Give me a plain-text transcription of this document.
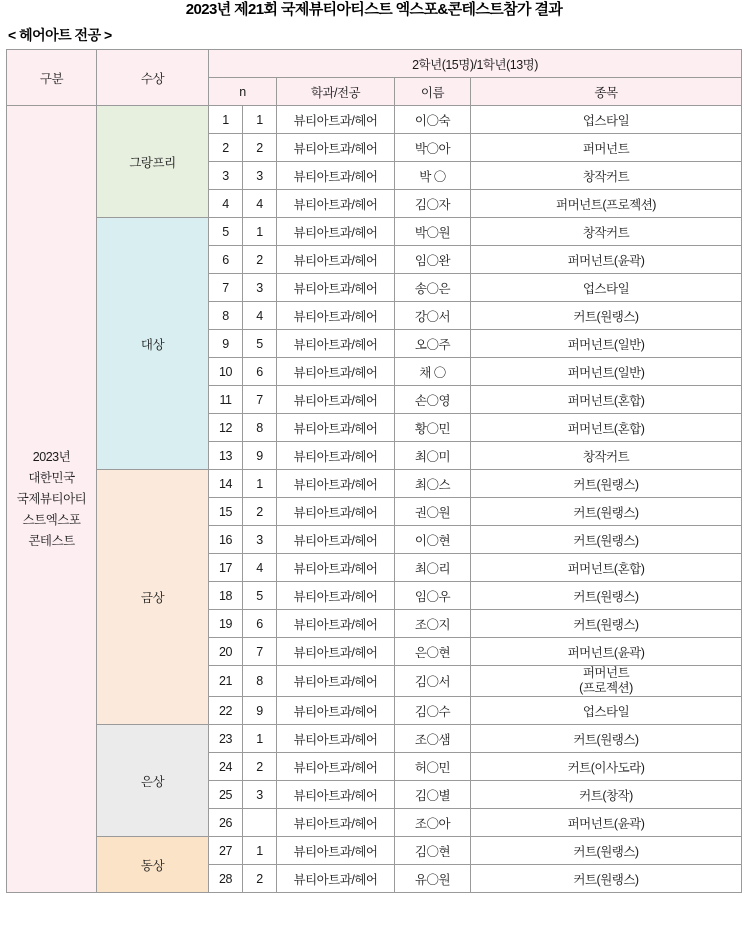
2023년 제21회 국제뷰티아티스트 엑스포&콘테스트참가 결과
< 헤어아트 전공 >
구분	수상	2학년(15명)/1학년(13명)				
		n		학과/전공	이름	종목
2023년
대한민국
국제뷰티아티
스트엑스포
콘테스트	그랑프리	1	1	뷰티아트과/헤어	이〇숙	업스타일
		2	2	뷰티아트과/헤어	박〇아	퍼머넌트
		3	3	뷰티아트과/헤어	박 〇	창작커트
		4	4	뷰티아트과/헤어	김〇자	퍼머넌트(프로젝션)
	대상	5	1	뷰티아트과/헤어	박〇원	창작커트
		6	2	뷰티아트과/헤어	임〇완	퍼머넌트(윤곽)
		7	3	뷰티아트과/헤어	송〇은	업스타일
		8	4	뷰티아트과/헤어	강〇서	커트(원랭스)
		9	5	뷰티아트과/헤어	오〇주	퍼머넌트(일반)
		10	6	뷰티아트과/헤어	채 〇	퍼머넌트(일반)
		11	7	뷰티아트과/헤어	손〇영	퍼머넌트(혼합)
		12	8	뷰티아트과/헤어	황〇민	퍼머넌트(혼합)
		13	9	뷰티아트과/헤어	최〇미	창작커트
	금상	14	1	뷰티아트과/헤어	최〇스	커트(원랭스)
		15	2	뷰티아트과/헤어	권〇원	커트(원랭스)
		16	3	뷰티아트과/헤어	이〇현	커트(원랭스)
		17	4	뷰티아트과/헤어	최〇리	퍼머넌트(혼합)
		18	5	뷰티아트과/헤어	임〇우	커트(원랭스)
		19	6	뷰티아트과/헤어	조〇지	커트(원랭스)
		20	7	뷰티아트과/헤어	은〇현	퍼머넌트(윤곽)
		21	8	뷰티아트과/헤어	김〇서	퍼머넌트
(프로젝션)
		22	9	뷰티아트과/헤어	김〇수	업스타일
	은상	23	1	뷰티아트과/헤어	조〇샘	커트(원랭스)
		24	2	뷰티아트과/헤어	허〇민	커트(이사도라)
		25	3	뷰티아트과/헤어	김〇별	커트(창작)
		26		뷰티아트과/헤어	조〇아	퍼머넌트(윤곽)
	동상	27	1	뷰티아트과/헤어	김〇현	커트(원랭스)
		28	2	뷰티아트과/헤어	유〇원	커트(원랭스)
